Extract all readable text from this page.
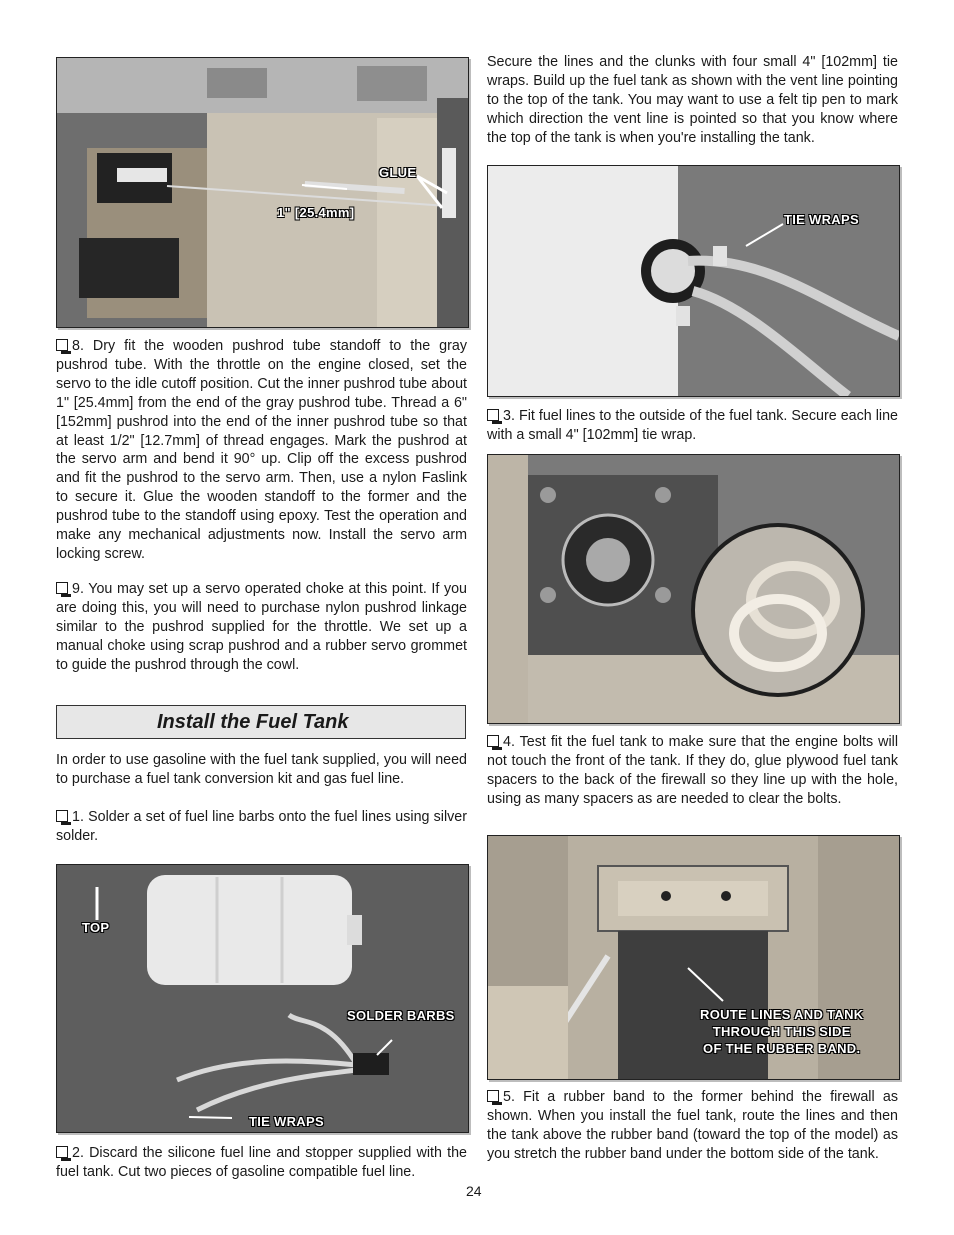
GLUE
1" [25.4mm]

8. Dry fit the wooden pushrod tube standoff to the gray pushrod tube. With the throttle on the engine closed, set the servo to the idle cutoff position. Cut the inner pushrod tube about 1" [25.4mm] from the end of the gray pushrod tube. Thread a 6" [152mm] pushrod into the end of the inner pushrod tube so that at least 1/2" [12.7mm] of thread engages. Mark the pushrod at the servo arm and bend it 90° up. Clip off the excess pushrod and fit the pushrod to the servo arm. Then, use a nylon Faslink to secure it. Glue the wooden standoff to the former and the pushrod tube to the standoff using epoxy. Test the operation and make any mechanical adjustments now. Install the servo arm locking screw.

9. You may set up a servo operated choke at this point. If you are doing this, you will need to purchase nylon pushrod linkage similar to the pushrod supplied for the throttle. We set up a manual choke using scrap pushrod and a rubber servo grommet to guide the pushrod through the cowl.

Install the Fuel Tank

In order to use gasoline with the fuel tank supplied, you will need to purchase a fuel tank conversion kit and gas fuel line.

1. Solder a set of fuel line barbs onto the fuel lines using silver solder.

TOP
SOLDER BARBS
TIE WRAPS

2. Discard the silicone fuel line and stopper supplied with the fuel tank. Cut two pieces of gasoline compatible fuel line.

Secure the lines and the clunks with four small 4" [102mm] tie wraps. Build up the fuel tank as shown with the vent line pointing to the top of the tank. You may want to use a felt tip pen to mark which direction the vent line is pointed so that you know where the top of the tank is when you're installing the tank.

TIE WRAPS

3. Fit fuel lines to the outside of the fuel tank. Secure each line with a small 4" [102mm] tie wrap.

4. Test fit the fuel tank to make sure that the engine bolts will not touch the front of the tank. If they do, glue plywood fuel tank spacers to the back of the firewall so they line up with the hole, using as many spacers as are needed to clear the bolts.

ROUTE LINES AND TANK
THROUGH THIS SIDE
OF THE RUBBER BAND.

5. Fit a rubber band to the former behind the firewall as shown. When you install the fuel tank, route the lines and then the tank above the rubber band (toward the top of the model) as you stretch the rubber band under the bottom side of the tank.

24
